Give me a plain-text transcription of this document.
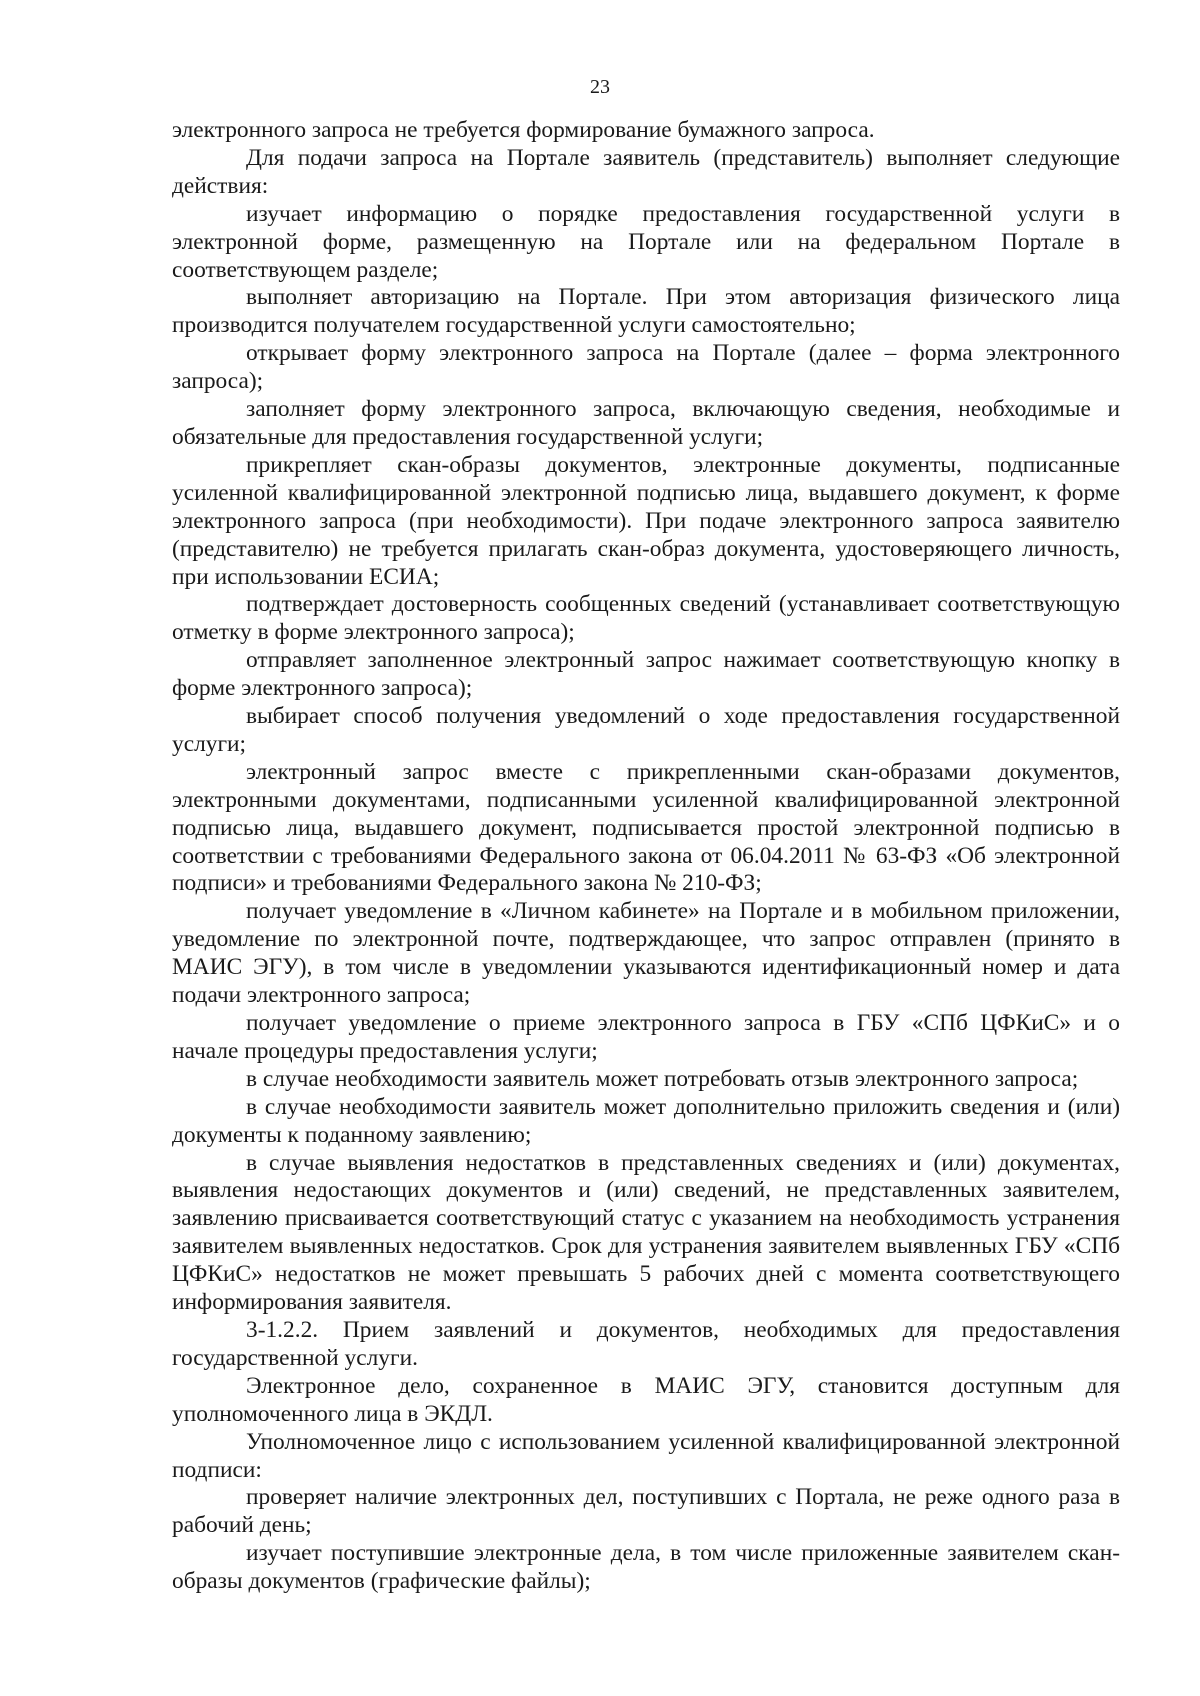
23

электронного запроса не требуется формирование бумажного запроса.

Для подачи запроса на Портале заявитель (представитель) выполняет следующие действия:

изучает информацию о порядке предоставления государственной услуги в электронной форме, размещенную на Портале или на федеральном Портале в соответствующем разделе;

выполняет авторизацию на Портале. При этом авторизация физического лица производится получателем государственной услуги самостоятельно;

открывает форму электронного запроса на Портале (далее – форма электронного запроса);

заполняет форму электронного запроса, включающую сведения, необходимые и обязательные для предоставления государственной услуги;

прикрепляет скан-образы документов, электронные документы, подписанные усиленной квалифицированной электронной подписью лица, выдавшего документ, к форме электронного запроса (при необходимости). При подаче электронного запроса заявителю (представителю) не требуется прилагать скан-образ документа, удостоверяющего личность, при использовании ЕСИА;

подтверждает достоверность сообщенных сведений (устанавливает соответствующую отметку в форме электронного запроса);

отправляет заполненное электронный запрос нажимает соответствующую кнопку в форме электронного запроса);

выбирает способ получения уведомлений о ходе предоставления государственной услуги;

электронный запрос вместе с прикрепленными скан-образами документов, электронными документами, подписанными усиленной квалифицированной электронной подписью лица, выдавшего документ, подписывается простой электронной подписью в соответствии с требованиями Федерального закона от 06.04.2011 № 63-ФЗ «Об электронной подписи» и требованиями Федерального закона № 210-ФЗ;

получает уведомление в «Личном кабинете» на Портале и в мобильном приложении, уведомление по электронной почте, подтверждающее, что запрос отправлен (принято в МАИС ЭГУ), в том числе в уведомлении указываются идентификационный номер и дата подачи электронного запроса;

получает уведомление о приеме электронного запроса в ГБУ «СПб ЦФКиС» и о начале процедуры предоставления услуги;

в случае необходимости заявитель может потребовать отзыв электронного запроса;

в случае необходимости заявитель может дополнительно приложить сведения и (или) документы к поданному заявлению;

в случае выявления недостатков в представленных сведениях и (или) документах, выявления недостающих документов и (или) сведений, не представленных заявителем, заявлению присваивается соответствующий статус с указанием на необходимость устранения заявителем выявленных недостатков. Срок для устранения заявителем выявленных ГБУ «СПб ЦФКиС» недостатков не может превышать 5 рабочих дней с момента соответствующего информирования заявителя.

3-1.2.2. Прием заявлений и документов, необходимых для предоставления государственной услуги.

Электронное дело, сохраненное в МАИС ЭГУ, становится доступным для уполномоченного лица в ЭКДЛ.

Уполномоченное лицо с использованием усиленной квалифицированной электронной подписи:

проверяет наличие электронных дел, поступивших с Портала, не реже одного раза в рабочий день;

изучает поступившие электронные дела, в том числе приложенные заявителем скан-образы документов (графические файлы);
